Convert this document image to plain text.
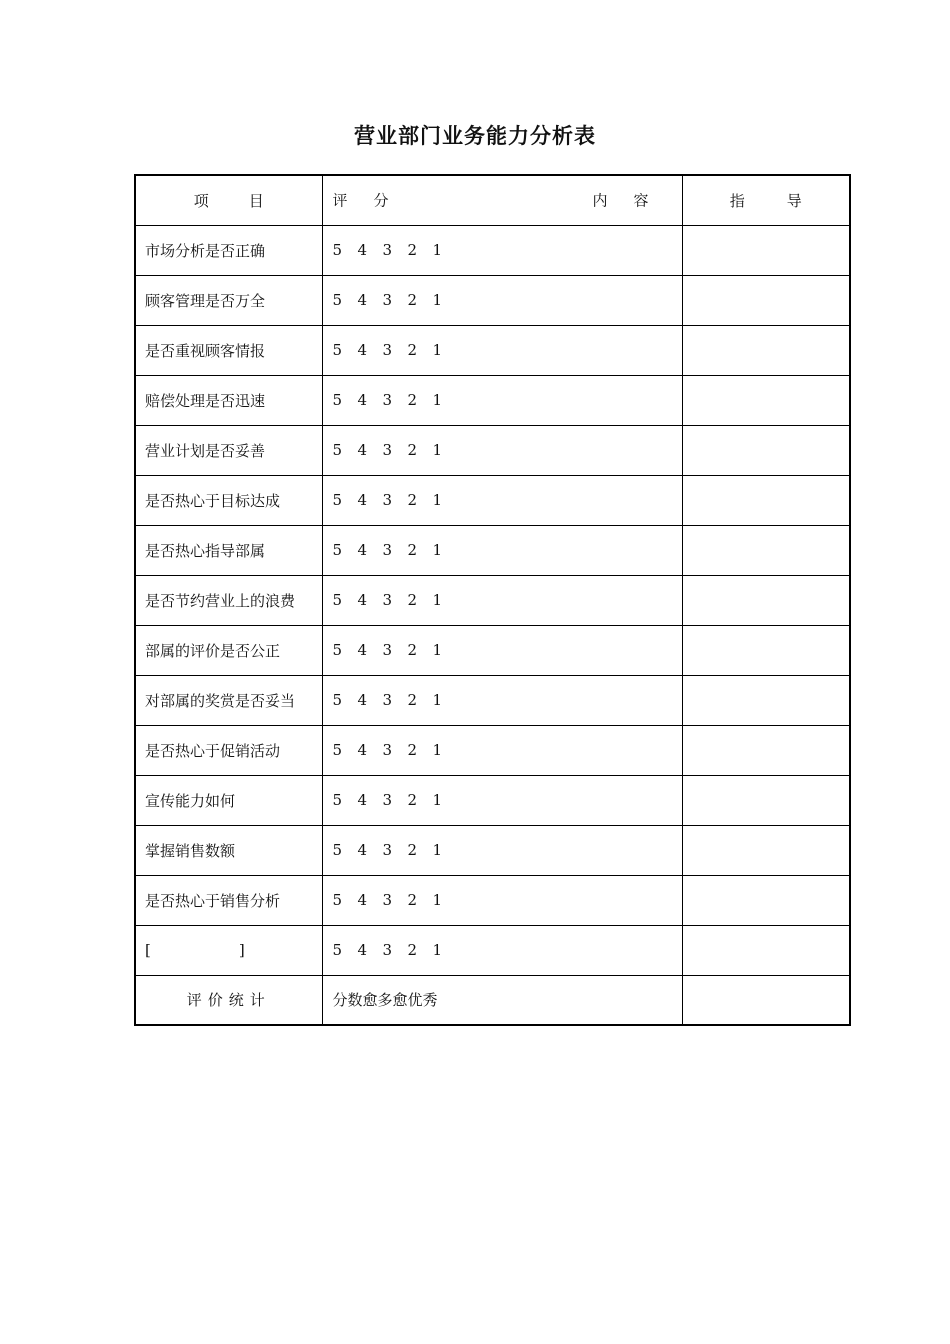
营业部门业务能力分析表
项 目	评 分 内 容	指 导
市场分析是否正确	5 4 3 2 1	
顾客管理是否万全	5 4 3 2 1	
是否重视顾客情报	5 4 3 2 1	
赔偿处理是否迅速	5 4 3 2 1	
营业计划是否妥善	5 4 3 2 1	
是否热心于目标达成	5 4 3 2 1	
是否热心指导部属	5 4 3 2 1	
是否节约营业上的浪费	5 4 3 2 1	
部属的评价是否公正	5 4 3 2 1	
对部属的奖赏是否妥当	5 4 3 2 1	
是否热心于促销活动	5 4 3 2 1	
宣传能力如何	5 4 3 2 1	
掌握销售数额	5 4 3 2 1	
是否热心于销售分析	5 4 3 2 1	
[ ]	5 4 3 2 1	
评价统计	分数愈多愈优秀	
